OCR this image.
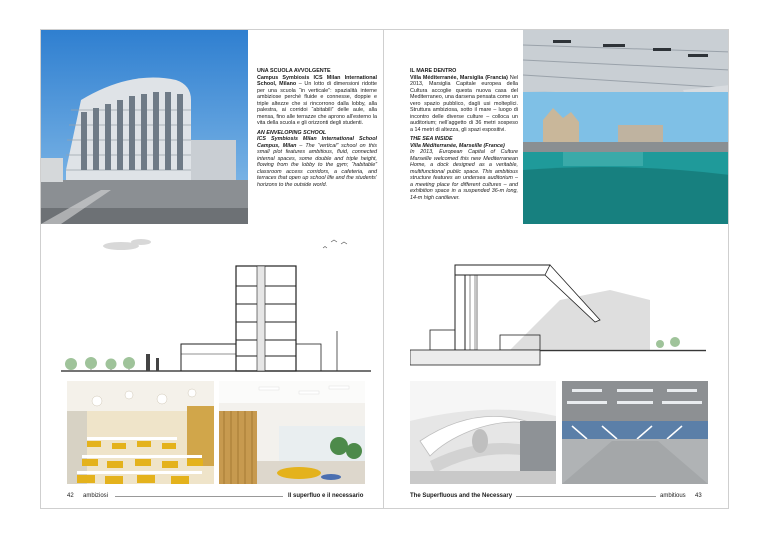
UNA SCUOLA AVVOLGENTE
Campus Symbiosis ICS Milan International School, Milano – Un lotto di dimensioni ridotte per una scuola “in verticale”: spazialità interne ambiziose perché fluide e connesse, doppie e triple altezze che si rincorrono dalla lobby, alla palestra, ai corridoi “abitabili” delle aule, alla mensa, fino alle terrazze che aprono all’esterno la vita della scuola e gli orizzonti degli studenti.
AN ENVELOPING SCHOOL
ICS Symbiosis Milan International School Campus, Milan – The “vertical” school on this small plot features ambitious, fluid, connected internal spaces, some double and triple height, flowing from the lobby to the gym; “habitable” classroom access corridors, a cafeteria, and terraces that open up school life and the students’ horizons to the outside world.
42 ambiziosi	Il superfluo e il necessario
IL MARE DENTRO
Villa Méditerranée, Marsiglia (Francia) Nel 2013, Marsiglia Capitale europea della Cultura accoglie questa nuova casa del Mediterraneo, una darsena pensata come un vero spazio pubblico, dagli usi molteplici. Struttura ambiziosa, sotto il mare – luogo di incontro delle diverse culture – colloca un auditorium; nell’aggetto di 36 metri sospeso a 14 metri di altezza, gli spazi espositivi.
THE SEA INSIDE
Villa Méditerranée, Marseille (France)
In 2013, European Capital of Culture Marseille welcomed this new Mediterranean Home, a dock designed as a veritable, multifunctional public space. This ambitious structure features an undersea auditorium – a meeting place for different cultures – and exhibition space in a suspended 36-m long, 14-m high cantilever.
The Superfluous and the Necessary	ambitious 43
